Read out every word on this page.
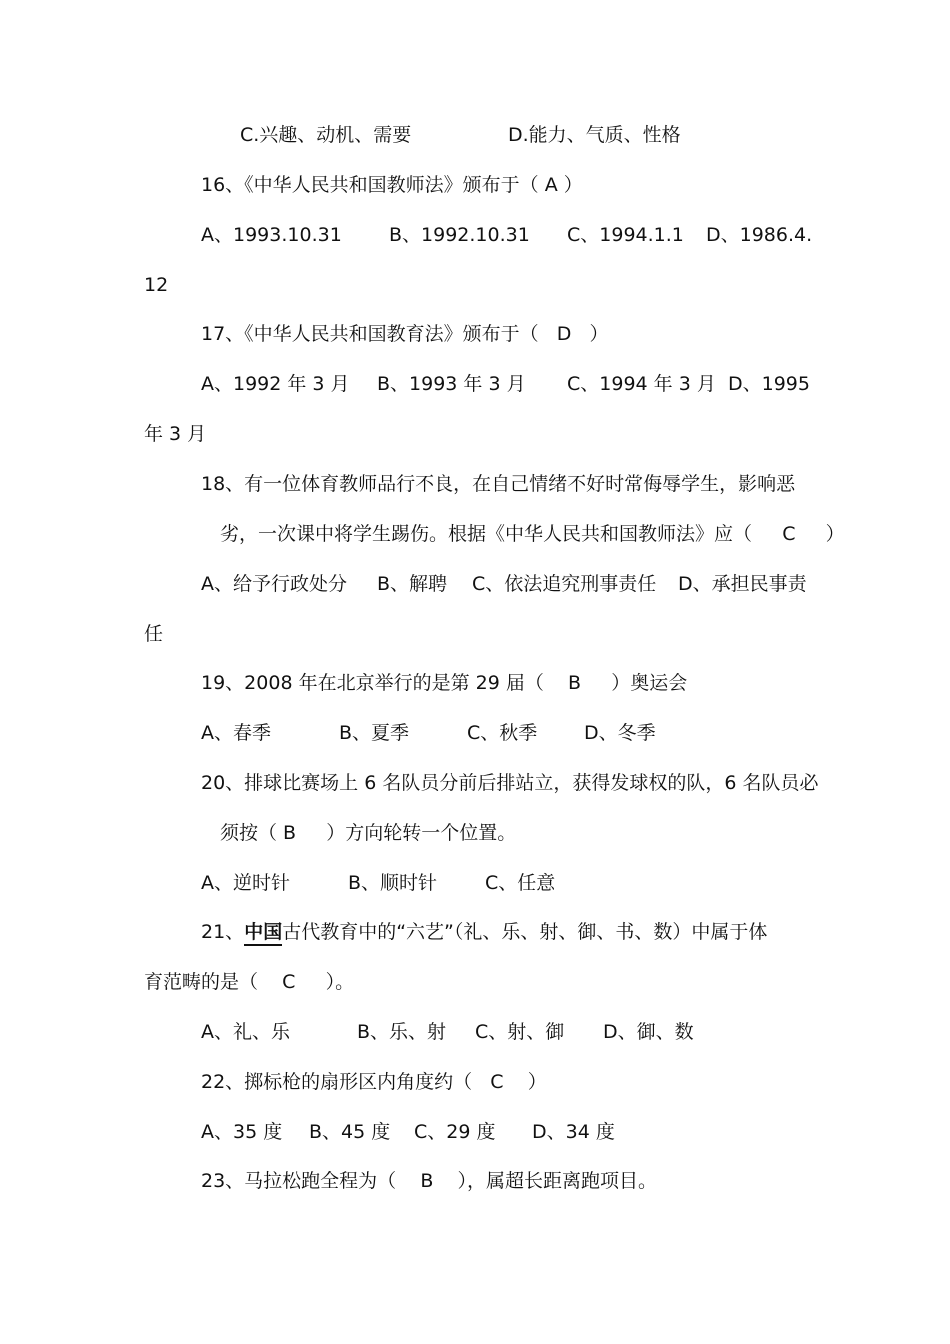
C.兴趣、动机、需要	D.能力、气质、性格
16、《中华人民共和国教师法》颁布于（ A ）
A、1993.10.31 B、1992.10.31 C、1994.1.1 D、1986.4.
12
17、《中华人民共和国教育法》颁布于（   D   ）
A、1992 年 3 月 B、1993 年 3 月 C、1994 年 3 月 D、1995
年 3 月
18、有一位体育教师品行不良，在自己情绪不好时常侮辱学生，影响恶
劣，一次课中将学生踢伤。根据《中华人民共和国教师法》应（     C     ）
A、给予行政处分 B、解聘 C、依法追究刑事责任 D、承担民事责
任
19、2008 年在北京举行的是第 29 届（    B     ）奥运会
A、春季	B、夏季	C、秋季 D、冬季
20、排球比赛场上 6 名队员分前后排站立，获得发球权的队，6 名队员必
须按（ B     ）方向轮转一个位置。
A、逆时针	B、顺时针	C、任意
21、中国古代教育中的“六艺”（礼、乐、射、御、书、数）中属于体
育范畴的是（    C     ）。
A、礼、乐	B、乐、射 C、射、御 D、御、数
22、掷标枪的扇形区内角度约（   C    ）
A、35 度 B、45 度 C、29 度 D、34 度
23、马拉松跑全程为（    B    ），属超长距离跑项目。
